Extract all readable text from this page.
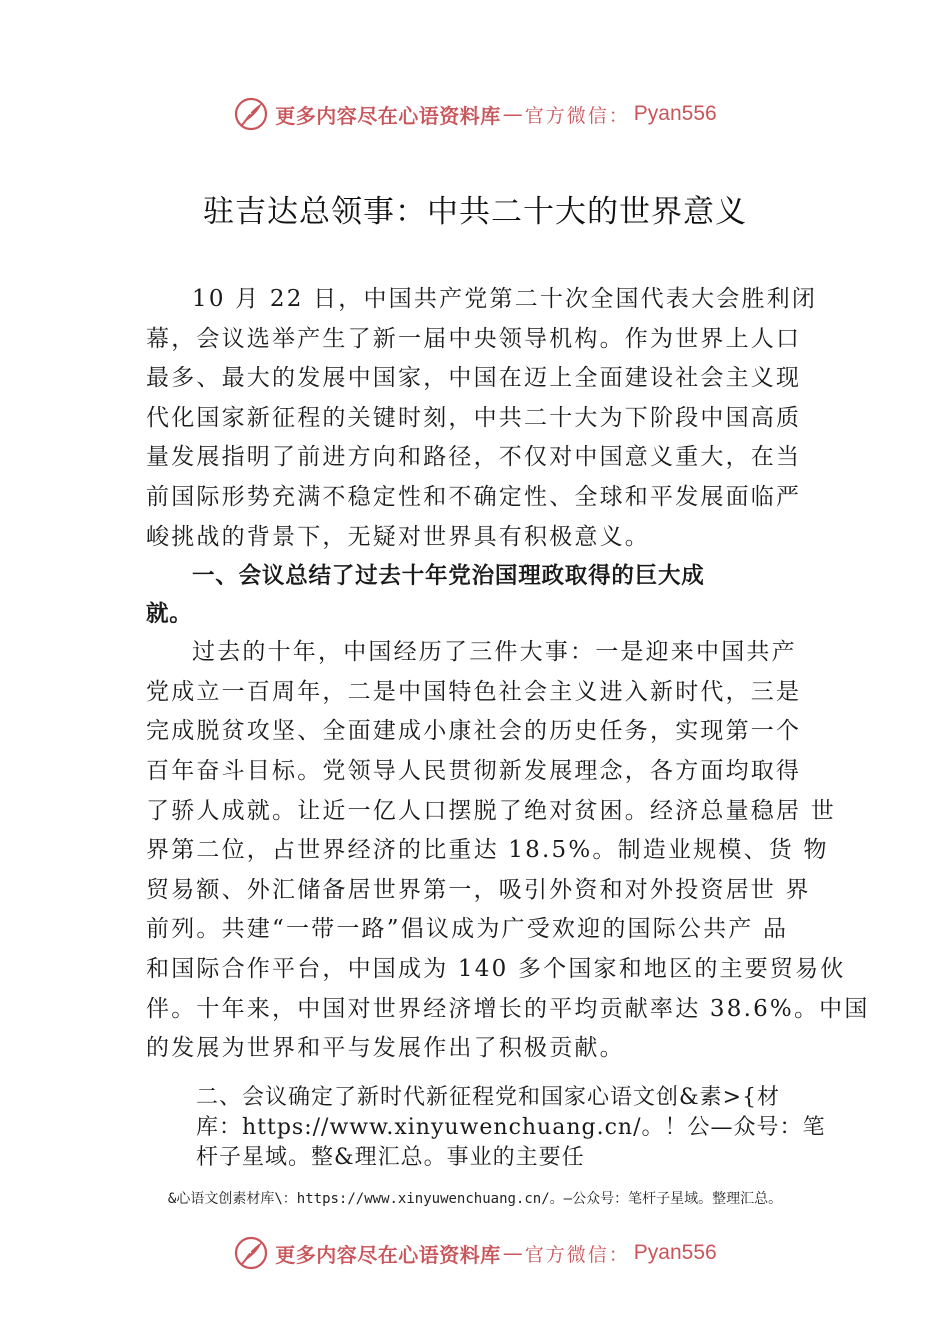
更多内容尽在心语资料库 — 官方微信： Pyan556
驻吉达总领事：中共二十大的世界意义
10 月 22 日，中国共产党第二十次全国代表大会胜利闭
幕，会议选举产生了新一届中央领导机构。作为世界上人口
最多、最大的发展中国家，中国在迈上全面建设社会主义现
代化国家新征程的关键时刻，中共二十大为下阶段中国高质
量发展指明了前进方向和路径，不仅对中国意义重大，在当
前国际形势充满不稳定性和不确定性、全球和平发展面临严
峻挑战的背景下，无疑对世界具有积极意义。
一、会议总结了过去十年党治国理政取得的巨大成
就。
过去的十年，中国经历了三件大事：一是迎来中国共产
党成立一百周年，二是中国特色社会主义进入新时代，三是
完成脱贫攻坚、全面建成小康社会的历史任务，实现第一个
百年奋斗目标。党领导人民贯彻新发展理念，各方面均取得
了骄人成就。让近一亿人口摆脱了绝对贫困。经济总量稳居 世
界第二位，占世界经济的比重达 18.5%。制造业规模、货 物
贸易额、外汇储备居世界第一，吸引外资和对外投资居世 界
前列。共建“一带一路”倡议成为广受欢迎的国际公共产 品
和国际合作平台，中国成为 140 多个国家和地区的主要贸易伙
伴。十年来，中国对世界经济增长的平均贡献率达 38.6%。中国
的发展为世界和平与发展作出了积极贡献。
二、会议确定了新时代新征程党和国家心语文创&素>{材
库：https://www.xinyuwenchuang.cn/。！公—众号：笔
杆子星域。整&理汇总。事业的主要任
&心语文创素材库\：https://www.xinyuwenchuang.cn/。—公众号：笔杆子星域。整理汇总。
更多内容尽在心语资料库 — 官方微信： Pyan556
